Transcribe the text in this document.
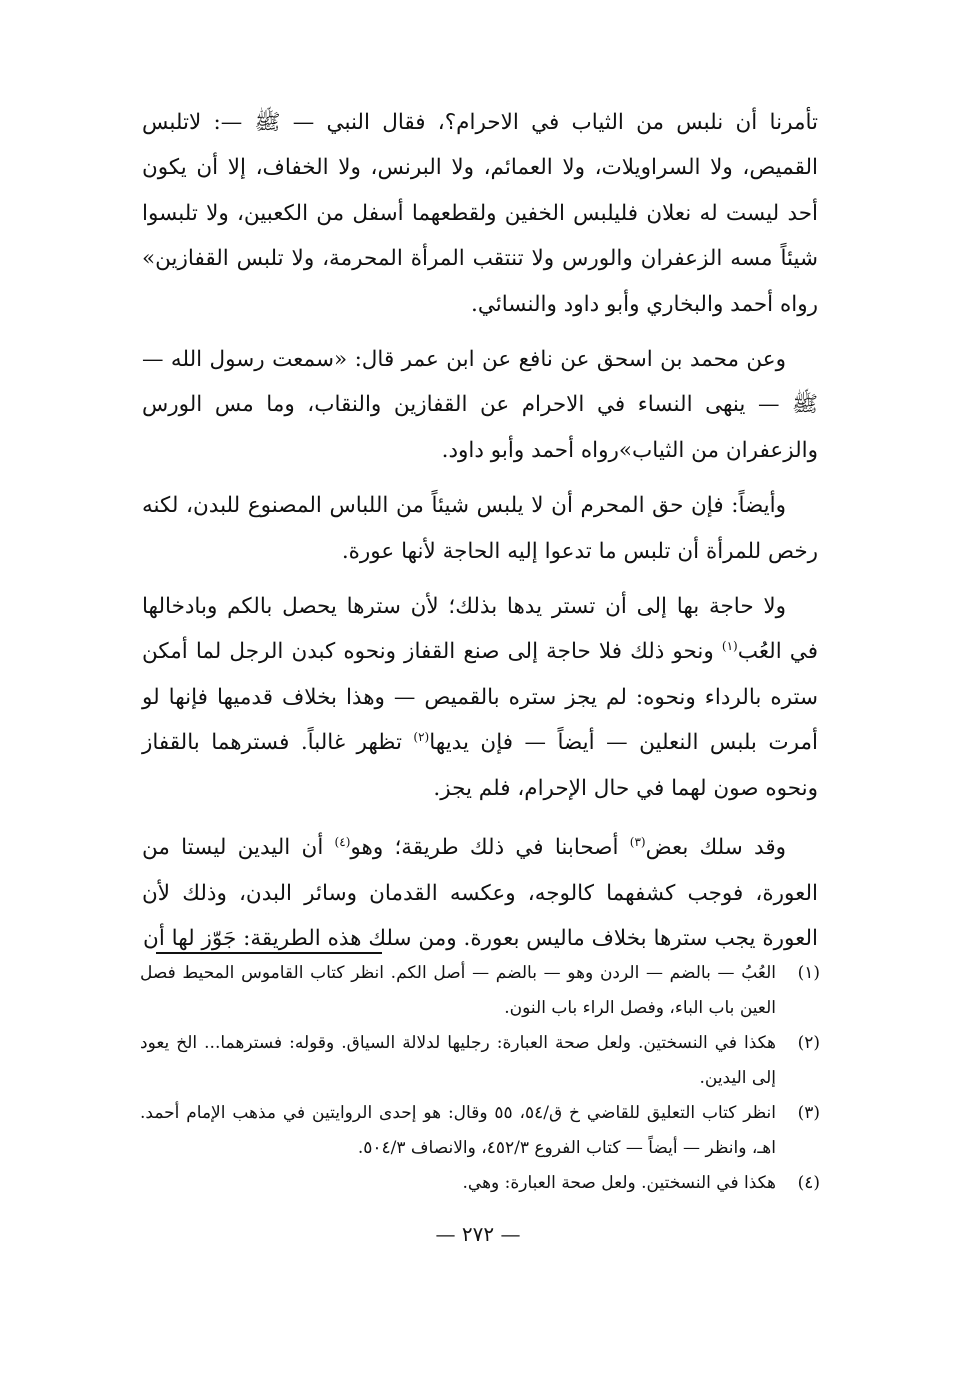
تأمرنا أن نلبس من الثياب في الاحرام؟، فقال النبي — ﷺ —: لاتلبس القميص، ولا السراويلات، ولا العمائم، ولا البرنس، ولا الخفاف، إلا أن يكون أحد ليست له نعلان فليلبس الخفين ولقطعهما أسفل من الكعبين، ولا تلبسوا شيئاً مسه الزعفران والورس ولا تنتقب المرأة المحرمة، ولا تلبس القفازين» رواه أحمد والبخاري وأبو داود والنسائي.

وعن محمد بن اسحق عن نافع عن ابن عمر قال: «سمعت رسول الله — ﷺ — ينهى النساء في الاحرام عن القفازين والنقاب، وما مس الورس والزعفران من الثياب»رواه أحمد وأبو داود.

وأيضاً: فإن حق المحرم أن لا يلبس شيئاً من اللباس المصنوع للبدن، لكنه رخص للمرأة أن تلبس ما تدعوا إليه الحاجة لأنها عورة.

ولا حاجة بها إلى أن تستر يدها بذلك؛ لأن سترها يحصل بالكم وبادخالها في العُب$^{(١)}$ ونحو ذلك فلا حاجة إلى صنع القفاز ونحوه كبدن الرجل لما أمكن ستره بالرداء ونحوه: لم يجز ستره بالقميص — وهذا بخلاف قدميها فإنها لو أمرت بلبس النعلين — أيضاً — فإن يديها$^{(٢)}$ تظهر غالباً. فسترهما بالقفاز ونحوه صون لهما في حال الإحرام، فلم يجز.

وقد سلك بعض$^{(٣)}$ أصحابنا في ذلك طريقة؛ وهو$^{(٤)}$ أن اليدين ليستا من العورة، فوجب كشفهما كالوجه، وعكسه القدمان وسائر البدن، وذلك لأن العورة يجب سترها بخلاف ماليس بعورة. ومن سلك هذه الطريقة: جَوّز لها أن

(١)
العُبُ — بالضم — الردن وهو — بالضم — أصل الكم. انظر كتاب القاموس المحيط فصل العين باب الباء، وفصل الراء باب النون.
(٢)
هكذا في النسختين. ولعل صحة العبارة: رجليها لدلالة السياق. وقوله: فسترهما... الخ يعود إلى اليدين.
(٣)
انظر كتاب التعليق للقاضي خ ق/٥٤، ٥٥ وقال: هو إحدى الروايتين في مذهب الإمام أحمد. اهـ، وانظر — أيضاً — كتاب الفروع ٤٥٢/٣، والانصاف ٥٠٤/٣.
(٤)
هكذا في النسختين. ولعل صحة العبارة: وهي.
— ٢٧٢ —
